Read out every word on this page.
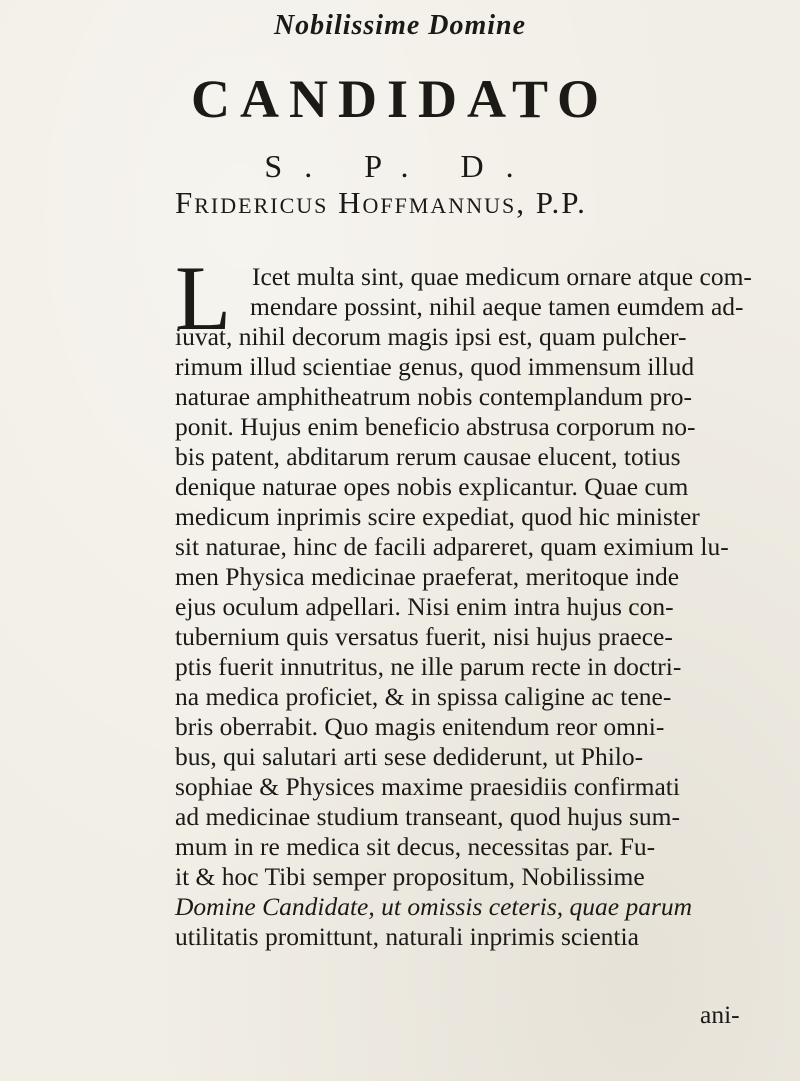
Nobilissime Domine
CANDIDATO
S. P. D.
Fridericus Hoffmannus, P.P.
L Icet multa sint, quae medicum ornare atque com-
mendare possint, nihil aeque tamen eumdem ad-
iuvat, nihil decorum magis ipsi est, quam pulcher-
rimum illud scientiae genus, quod immensum illud
naturae amphitheatrum nobis contemplandum pro-
ponit. Hujus enim beneficio abstrusa corporum no-
bis patent, abditarum rerum causae elucent, totius
denique naturae opes nobis explicantur. Quae cum
medicum inprimis scire expediat, quod hic minister
sit naturae, hinc de facili adpareret, quam eximium lu-
men Physica medicinae praeferat, meritoque inde
ejus oculum adpellari. Nisi enim intra hujus con-
tubernium quis versatus fuerit, nisi hujus praece-
ptis fuerit innutritus, ne ille parum recte in doctri-
na medica proficiet, & in spissa caligine ac tene-
bris oberrabit. Quo magis enitendum reor omni-
bus, qui salutari arti sese dediderunt, ut Philo-
sophiae & Physices maxime praesidiis confirmati
ad medicinae studium transeant, quod hujus sum-
mum in re medica sit decus, necessitas par. Fu-
it & hoc Tibi semper propositum, Nobilissime
Domine Candidate, ut omissis ceteris, quae parum
utilitatis promittunt, naturali inprimis scientia
ani-
